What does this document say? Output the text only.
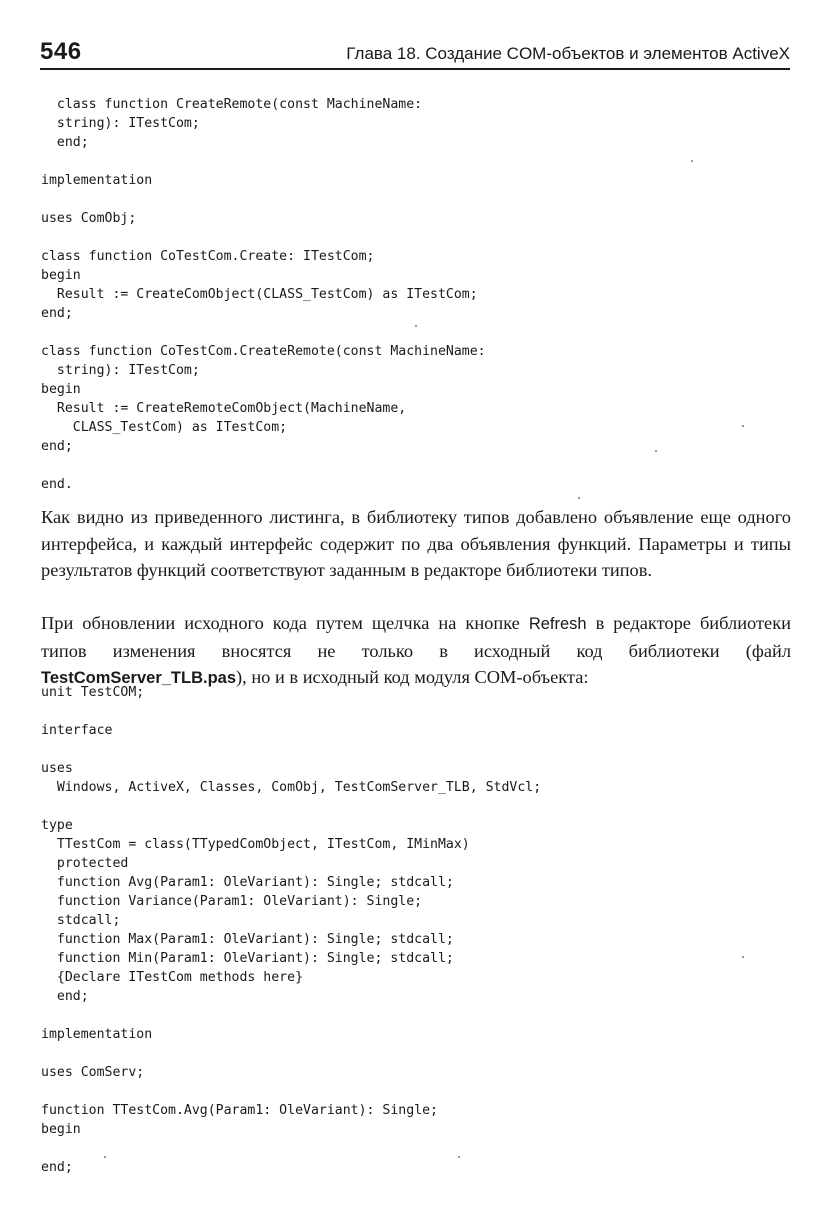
546	Глава 18. Создание COM-объектов и элементов ActiveX
class function CreateRemote(const MachineName:
string): ITestCom;
end;

implementation

uses ComObj;

class function CoTestCom.Create: ITestCom;
begin
Result := CreateComObject(CLASS_TestCom) as ITestCom;
end;

class function CoTestCom.CreateRemote(const MachineName:
string): ITestCom;
begin
Result := CreateRemoteComObject(MachineName,
CLASS_TestCom) as ITestCom;
end;

end.

Как видно из приведенного листинга, в библиотеку типов добавлено объявление еще одного интерфейса, и каждый интерфейс содержит по два объявления функций. Параметры и типы результатов функций соответствуют заданным в редакторе библиотеки типов.

При обновлении исходного кода путем щелчка на кнопке Refresh в редакторе библиотеки типов изменения вносятся не только в исходный код библиотеки (файл TestComServer_TLB.pas), но и в исходный код модуля COM-объекта:

unit TestCOM;

interface

uses
Windows, ActiveX, Classes, ComObj, TestComServer_TLB, StdVcl;

type
TTestCom = class(TTypedComObject, ITestCom, IMinMax)
protected
function Avg(Param1: OleVariant): Single; stdcall;
function Variance(Param1: OleVariant): Single;
stdcall;
function Max(Param1: OleVariant): Single; stdcall;
function Min(Param1: OleVariant): Single; stdcall;
{Declare ITestCom methods here}
end;

implementation

uses ComServ;

function TTestCom.Avg(Param1: OleVariant): Single;
begin

end;
